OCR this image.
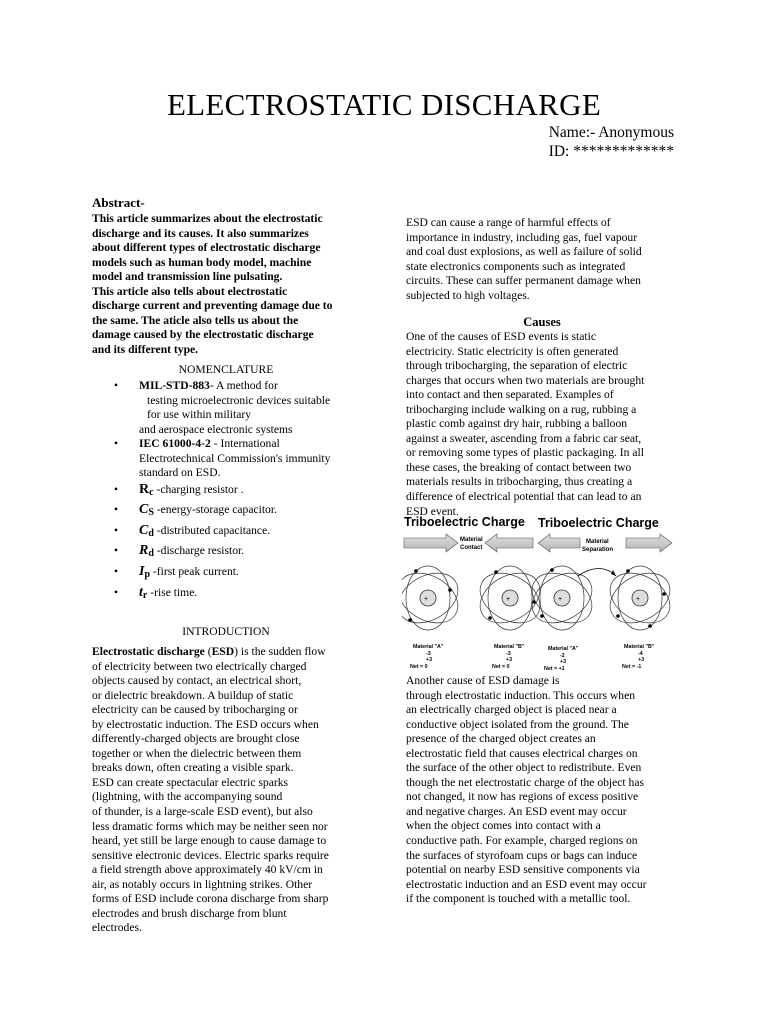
ELECTROSTATIC DISCHARGE
Name:- Anonymous
ID: *************
Abstract-
This article summarizes about the electrostatic
discharge and its causes. It also summarizes
about different types of electrostatic discharge
models such as human body model, machine
model and transmission line pulsating.
This article also tells about electrostatic
discharge current and preventing damage due to
the same. The aticle also tells us about the
damage caused by the electrostatic discharge
and its different type.
NOMENCLATURE
• MIL-STD-883- A method for
testing microelectronic devices suitable
for use within military
and aerospace electronic systems
• IEC 61000-4-2 - International
Electrotechnical Commission's immunity
standard on ESD.
• Rc -charging resistor .
• CS -energy-storage capacitor.
• Cd -distributed capacitance.
• Rd -discharge resistor.
• Ip -first peak current.
• tr -rise time.
INTRODUCTION
Electrostatic discharge (ESD) is the sudden flow
of electricity between two electrically charged
objects caused by contact, an electrical short,
or dielectric breakdown. A buildup of static
electricity can be caused by tribocharging or
by electrostatic induction. The ESD occurs when
differently-charged objects are brought close
together or when the dielectric between them
breaks down, often creating a visible spark.
ESD can create spectacular electric sparks
(lightning, with the accompanying sound
of thunder, is a large-scale ESD event), but also
less dramatic forms which may be neither seen nor
heard, yet still be large enough to cause damage to
sensitive electronic devices. Electric sparks require
a field strength above approximately 40 kV/cm in
air, as notably occurs in lightning strikes. Other
forms of ESD include corona discharge from sharp
electrodes and brush discharge from blunt
electrodes.
ESD can cause a range of harmful effects of
importance in industry, including gas, fuel vapour
and coal dust explosions, as well as failure of solid
state electronics components such as integrated
circuits. These can suffer permanent damage when
subjected to high voltages.
Causes
One of the causes of ESD events is static
electricity. Static electricity is often generated
through tribocharging, the separation of electric
charges that occurs when two materials are brought
into contact and then separated. Examples of
tribocharging include walking on a rug, rubbing a
plastic comb against dry hair, rubbing a balloon
against a sweater, ascending from a fabric car seat,
or removing some types of plastic packaging. In all
these cases, the breaking of contact between two
materials results in tribocharging, thus creating a
difference of electrical potential that can lead to an
ESD event.
Triboelectric Charge Triboelectric Charge
Material
Contact
Material
Separation
+	+	+	+
Material "A"
-3
+3
Net = 0
Material "B"
-3
+3
Net = 0
Material "A"
-2
+3
Net = +1
Material "B"
-4
+3
Net = -1
Another cause of ESD damage is
through electrostatic induction. This occurs when
an electrically charged object is placed near a
conductive object isolated from the ground. The
presence of the charged object creates an
electrostatic field that causes electrical charges on
the surface of the other object to redistribute. Even
though the net electrostatic charge of the object has
not changed, it now has regions of excess positive
and negative charges. An ESD event may occur
when the object comes into contact with a
conductive path. For example, charged regions on
the surfaces of styrofoam cups or bags can induce
potential on nearby ESD sensitive components via
electrostatic induction and an ESD event may occur
if the component is touched with a metallic tool.
